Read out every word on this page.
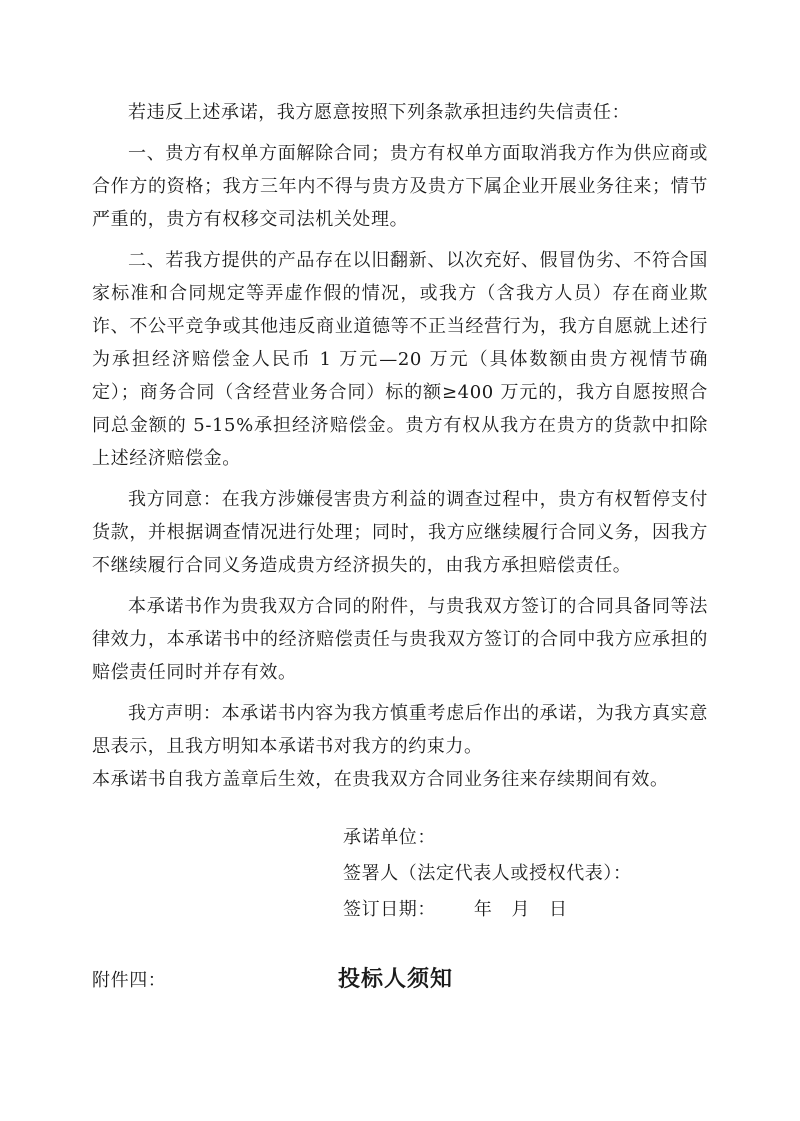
若违反上述承诺，我方愿意按照下列条款承担违约失信责任：

一、贵方有权单方面解除合同；贵方有权单方面取消我方作为供应商或合作方的资格；我方三年内不得与贵方及贵方下属企业开展业务往来；情节严重的，贵方有权移交司法机关处理。

二、若我方提供的产品存在以旧翻新、以次充好、假冒伪劣、不符合国家标准和合同规定等弄虚作假的情况，或我方（含我方人员）存在商业欺诈、不公平竞争或其他违反商业道德等不正当经营行为，我方自愿就上述行为承担经济赔偿金人民币 1 万元—20 万元（具体数额由贵方视情节确定）；商务合同（含经营业务合同）标的额≥400 万元的，我方自愿按照合同总金额的 5-15%承担经济赔偿金。贵方有权从我方在贵方的货款中扣除上述经济赔偿金。

我方同意：在我方涉嫌侵害贵方利益的调查过程中，贵方有权暂停支付货款，并根据调查情况进行处理；同时，我方应继续履行合同义务，因我方不继续履行合同义务造成贵方经济损失的，由我方承担赔偿责任。

本承诺书作为贵我双方合同的附件，与贵我双方签订的合同具备同等法律效力，本承诺书中的经济赔偿责任与贵我双方签订的合同中我方应承担的赔偿责任同时并存有效。

我方声明：本承诺书内容为我方慎重考虑后作出的承诺，为我方真实意思表示，且我方明知本承诺书对我方的约束力。

本承诺书自我方盖章后生效，在贵我双方合同业务往来存续期间有效。

承诺单位：
签署人（法定代表人或授权代表）：
签订日期：      年   月   日
附件四：	投标人须知
